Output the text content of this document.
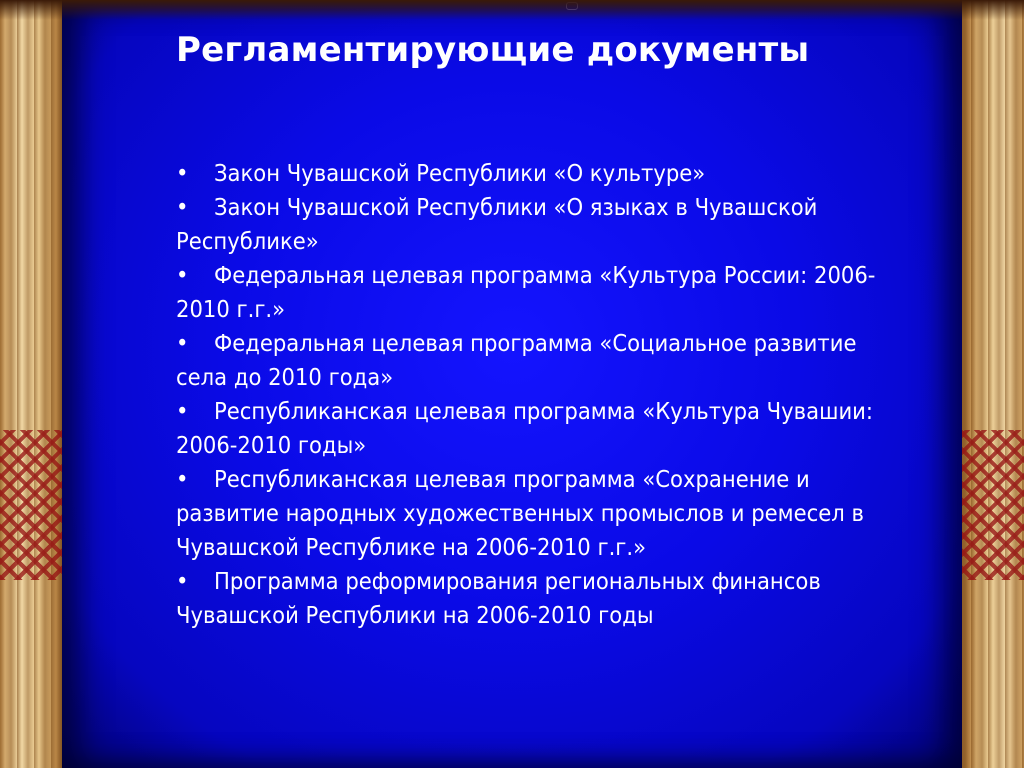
Регламентирующие документы
• Закон Чувашской Республики «О культуре»
• Закон Чувашской Республики «О языках в Чувашской Республике»
• Федеральная целевая программа «Культура России: 2006-2010 г.г.»
• Федеральная целевая программа «Социальное развитие села до 2010 года»
• Республиканская целевая программа «Культура Чувашии: 2006-2010 годы»
• Республиканская целевая программа «Сохранение и развитие народных художественных промыслов и ремесел в Чувашской Республике на 2006-2010 г.г.»
• Программа реформирования региональных финансов Чувашской Республики на 2006-2010 годы
